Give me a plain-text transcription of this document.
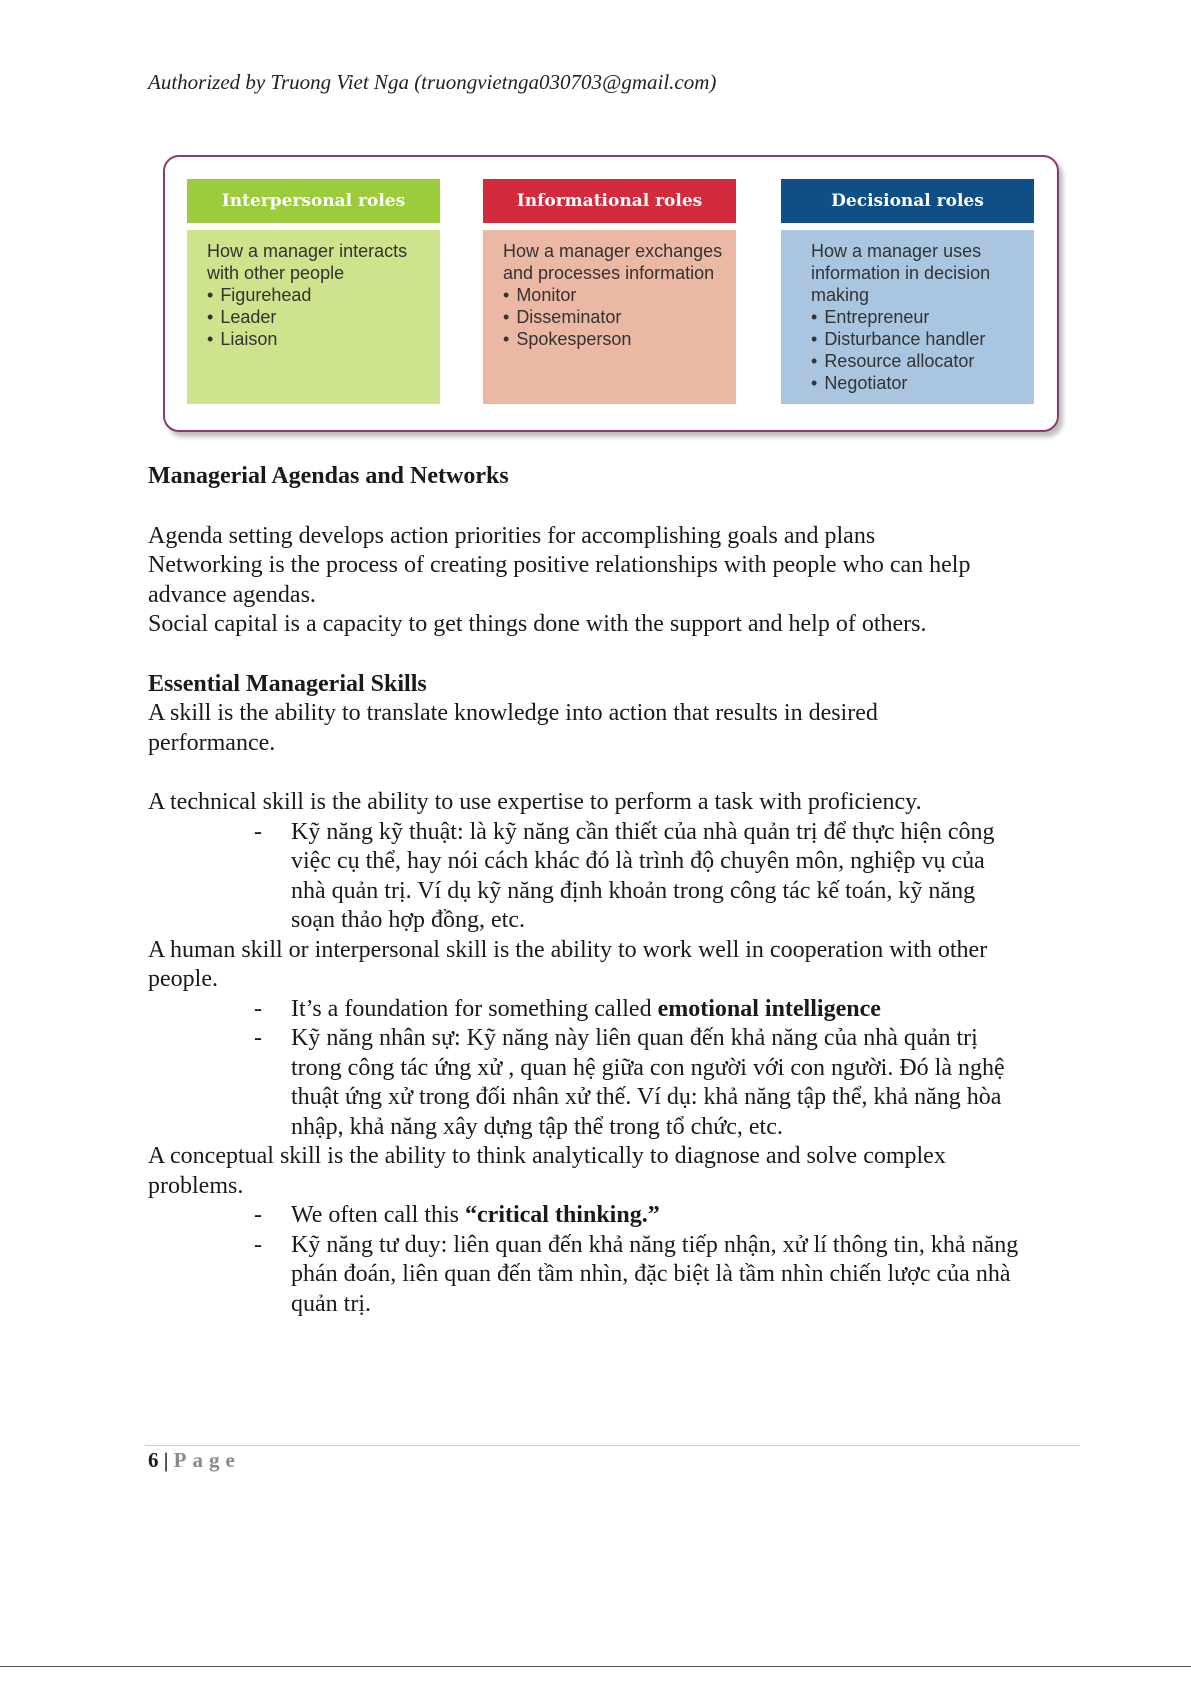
Authorized by Truong Viet Nga (truongvietnga030703@gmail.com)
Interpersonal roles
How a manager interacts
with other people
• Figurehead
• Leader
• Liaison
Informational roles
How a manager exchanges
and processes information
• Monitor
• Disseminator
• Spokesperson
Decisional roles
How a manager uses
information in decision
making
• Entrepreneur
• Disturbance handler
• Resource allocator
• Negotiator

Managerial Agendas and Networks

Agenda setting develops action priorities for accomplishing goals and plans

Networking is the process of creating positive relationships with people who can help

advance agendas.

Social capital is a capacity to get things done with the support and help of others.

Essential Managerial Skills

A skill is the ability to translate knowledge into action that results in desired

performance.

A technical skill is the ability to use expertise to perform a task with proficiency.

- Kỹ năng kỹ thuật: là kỹ năng cần thiết của nhà quản trị để thực hiện công

việc cụ thể, hay nói cách khác đó là trình độ chuyên môn, nghiệp vụ của

nhà quản trị. Ví dụ kỹ năng định khoản trong công tác kế toán, kỹ năng

soạn thảo hợp đồng, etc.

A human skill or interpersonal skill is the ability to work well in cooperation with other

people.

- It’s a foundation for something called emotional intelligence

- Kỹ năng nhân sự: Kỹ năng này liên quan đến khả năng của nhà quản trị

trong công tác ứng xử , quan hệ giữa con người với con người. Đó là nghệ

thuật ứng xử trong đối nhân xử thế. Ví dụ: khả năng tập thể, khả năng hòa

nhập, khả năng xây dựng tập thể trong tổ chức, etc.

A conceptual skill is the ability to think analytically to diagnose and solve complex

problems.

- We often call this “critical thinking.”

- Kỹ năng tư duy: liên quan đến khả năng tiếp nhận, xử lí thông tin, khả năng

phán đoán, liên quan đến tầm nhìn, đặc biệt là tầm nhìn chiến lược của nhà

quản trị.

6 | Page
